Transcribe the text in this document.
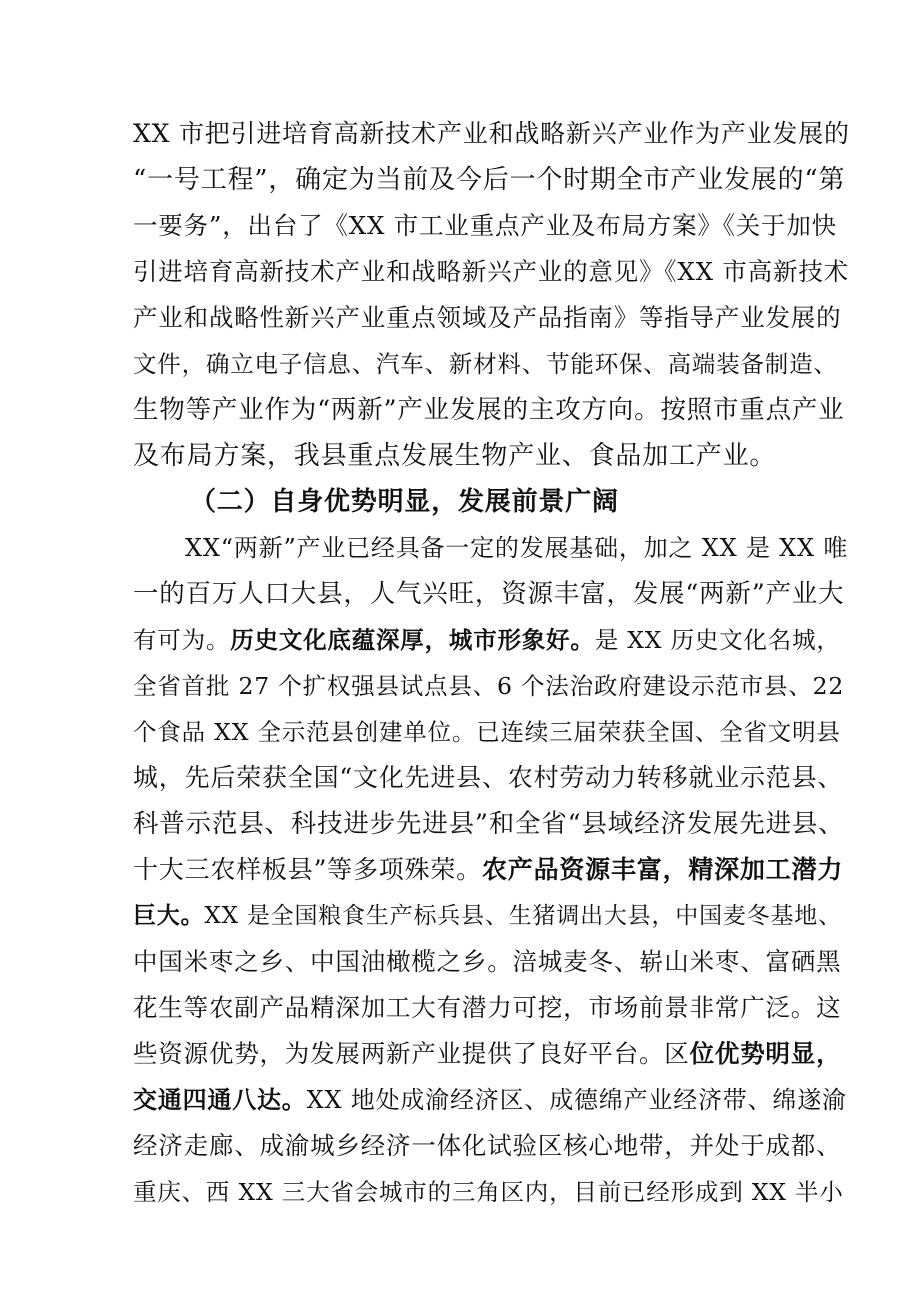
XX 市把引进培育高新技术产业和战略新兴产业作为产业发展的
“一号工程”，确定为当前及今后一个时期全市产业发展的“第
一要务”，出台了《XX 市工业重点产业及布局方案》《关于加快
引进培育高新技术产业和战略新兴产业的意见》《XX 市高新技术
产业和战略性新兴产业重点领域及产品指南》等指导产业发展的
文件，确立电子信息、汽车、新材料、节能环保、高端装备制造、
生物等产业作为“两新”产业发展的主攻方向。按照市重点产业
及布局方案，我县重点发展生物产业、食品加工产业。
（二）自身优势明显，发展前景广阔
XX“两新”产业已经具备一定的发展基础，加之 XX 是 XX 唯
一的百万人口大县，人气兴旺，资源丰富，发展“两新”产业大
有可为。历史文化底蕴深厚，城市形象好。是 XX 历史文化名城，
全省首批 27 个扩权强县试点县、6 个法治政府建设示范市县、22
个食品 XX 全示范县创建单位。已连续三届荣获全国、全省文明县
城，先后荣获全国“文化先进县、农村劳动力转移就业示范县、
科普示范县、科技进步先进县”和全省“县域经济发展先进县、
十大三农样板县”等多项殊荣。农产品资源丰富，精深加工潜力
巨大。XX 是全国粮食生产标兵县、生猪调出大县，中国麦冬基地、
中国米枣之乡、中国油橄榄之乡。涪城麦冬、崭山米枣、富硒黑
花生等农副产品精深加工大有潜力可挖，市场前景非常广泛。这
些资源优势，为发展两新产业提供了良好平台。区位优势明显，
交通四通八达。XX 地处成渝经济区、成德绵产业经济带、绵遂渝
经济走廊、成渝城乡经济一体化试验区核心地带，并处于成都、
重庆、西 XX 三大省会城市的三角区内，目前已经形成到 XX 半小
